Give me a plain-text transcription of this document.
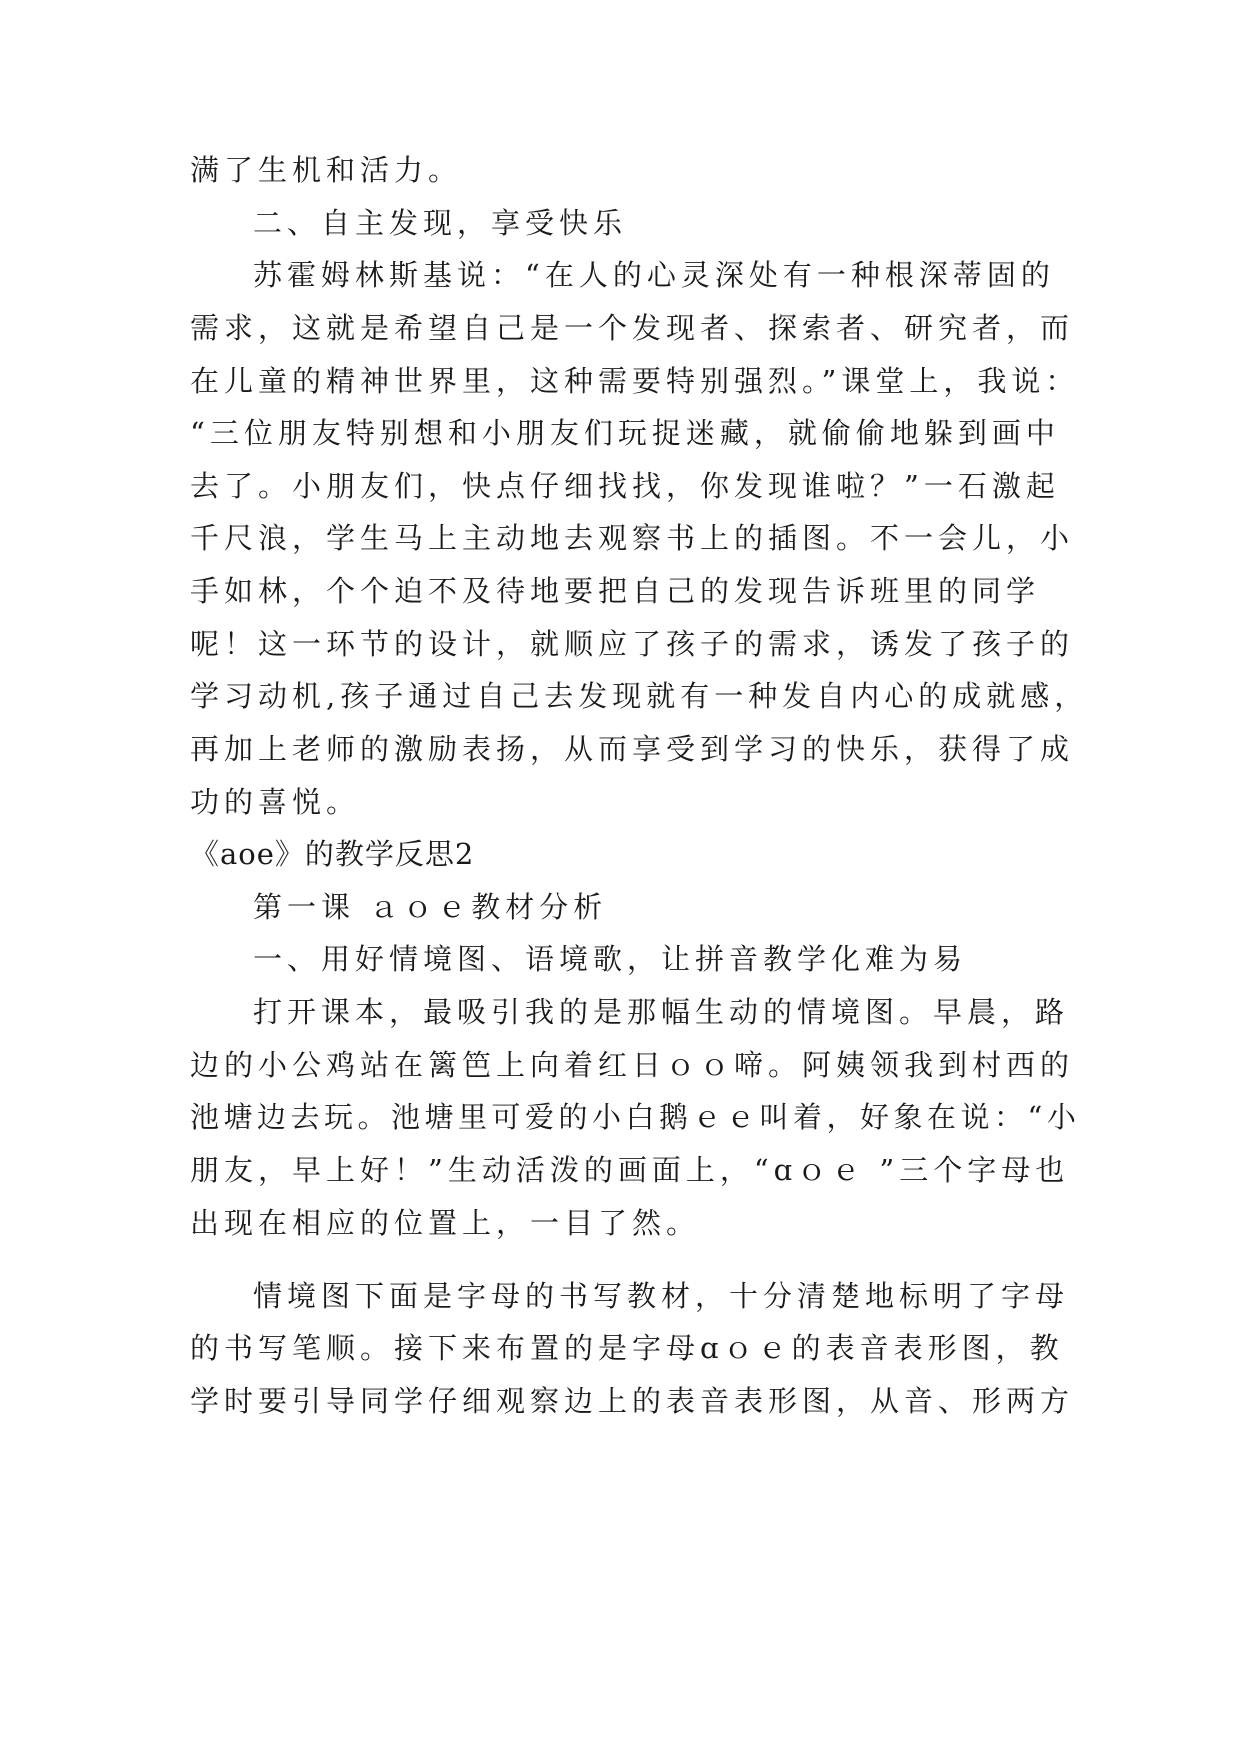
满了生机和活力。
二、自主发现，享受快乐
苏霍姆林斯基说：“在人的心灵深处有一种根深蒂固的
需求，这就是希望自己是一个发现者、探索者、研究者，而
在儿童的精神世界里，这种需要特别强烈。”课堂上，我说：
“三位朋友特别想和小朋友们玩捉迷藏，就偷偷地躲到画中
去了。小朋友们，快点仔细找找，你发现谁啦？”一石激起
千尺浪，学生马上主动地去观察书上的插图。不一会儿，小
手如林，个个迫不及待地要把自己的发现告诉班里的同学
呢！这一环节的设计，就顺应了孩子的需求，诱发了孩子的
学习动机,孩子通过自己去发现就有一种发自内心的成就感，
再加上老师的激励表扬，从而享受到学习的快乐，获得了成
功的喜悦。
《aoe》的教学反思2
第一课 ａｏｅ教材分析
一、用好情境图、语境歌，让拼音教学化难为易
打开课本，最吸引我的是那幅生动的情境图。早晨，路
边的小公鸡站在篱笆上向着红日ｏｏ啼。阿姨领我到村西的
池塘边去玩。池塘里可爱的小白鹅ｅｅ叫着，好象在说：“小
朋友，早上好！”生动活泼的画面上，“ɑｏｅ ”三个字母也
出现在相应的位置上，一目了然。
情境图下面是字母的书写教材，十分清楚地标明了字母
的书写笔顺。接下来布置的是字母ɑｏｅ的表音表形图，教
学时要引导同学仔细观察边上的表音表形图，从音、形两方
